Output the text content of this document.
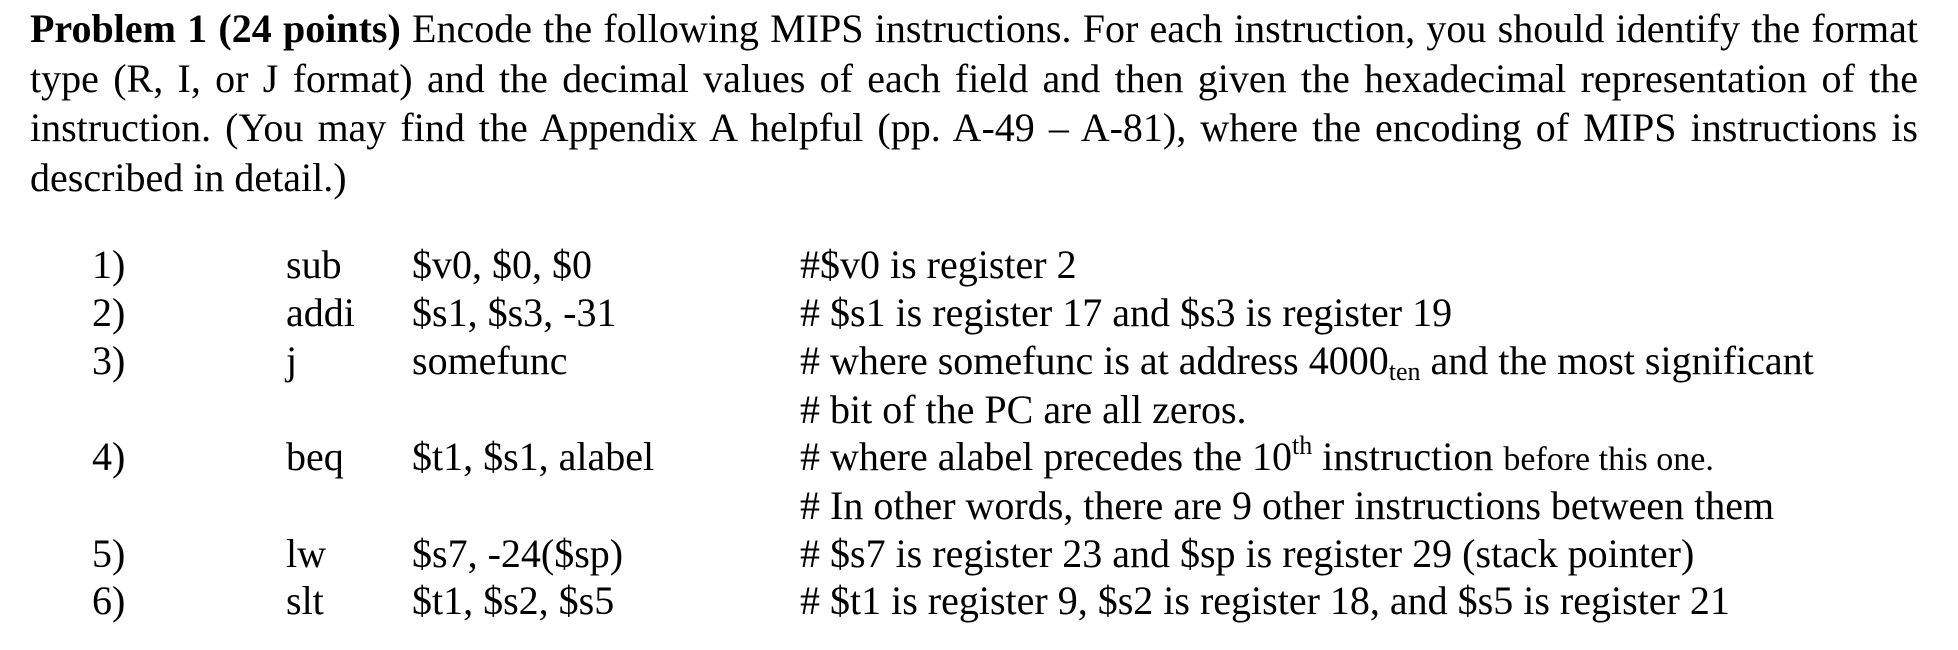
Problem 1 (24 points) Encode the following MIPS instructions. For each instruction, you should identify the format type (R, I, or J format) and the decimal values of each field and then given the hexadecimal representation of the instruction. (You may find the Appendix A helpful (pp. A-49 – A-81), where the encoding of MIPS instructions is described in detail.)
1)	sub $v0, $0, $0	#$v0 is register 2
2)	addi $s1, $s3, -31	# $s1 is register 17 and $s3 is register 19
3)	j	somefunc	# where somefunc is at address $4000_{ten}$ and the most significant
# bit of the PC are all zeros.
4)	beq $t1, $s1, alabel	# where alabel precedes the 10th instruction before this one.
# In other words, there are 9 other instructions between them
5)	lw $s7, -24($sp)	# $s7 is register 23 and $sp is register 29 (stack pointer)
6)	slt $t1, $s2, $s5	# $t1 is register 9, $s2 is register 18, and $s5 is register 21
